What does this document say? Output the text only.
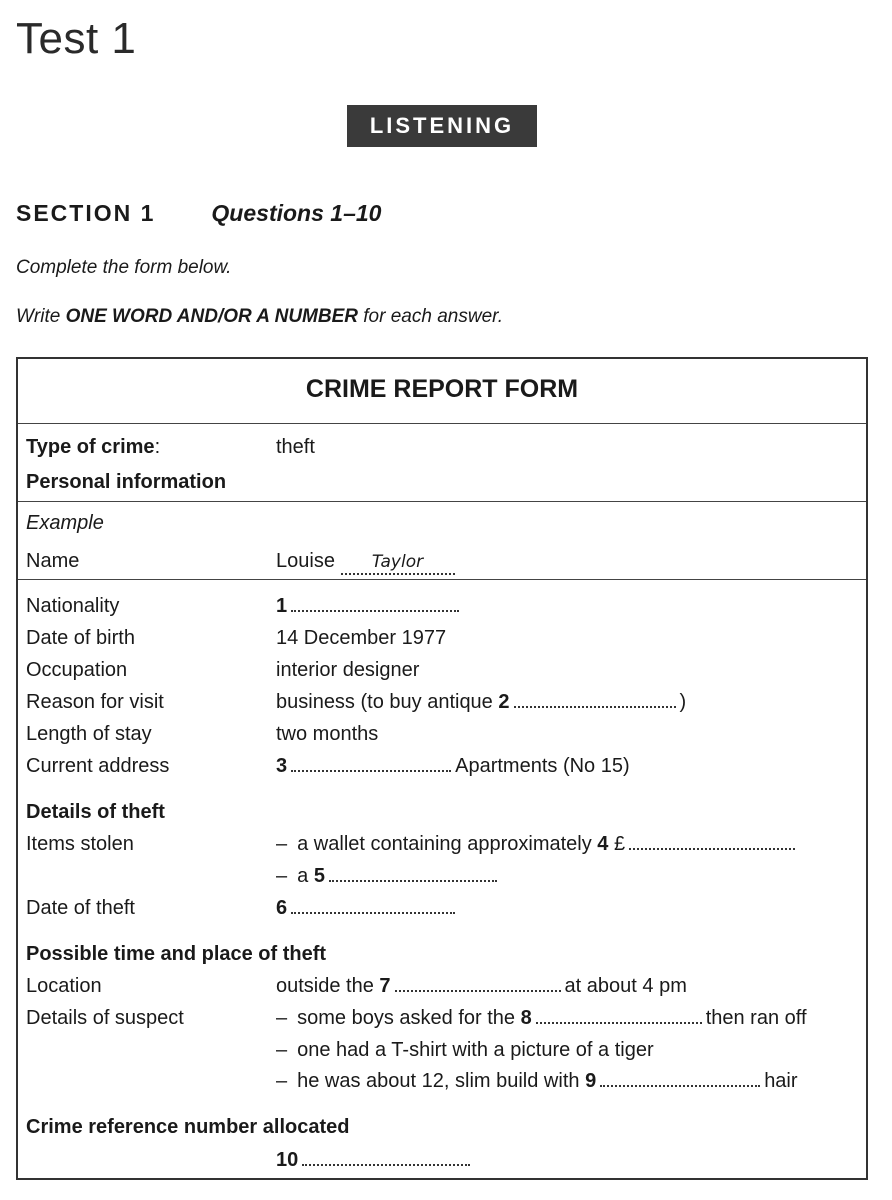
Test 1
LISTENING
SECTION 1 Questions 1–10
Complete the form below.
Write ONE WORD AND/OR A NUMBER for each answer.
CRIME REPORT FORM
Type of crime:	theft
Personal information
Example
Name	Louise Taylor
Nationality	1
Date of birth	14 December 1977
Occupation	interior designer
Reason for visit	business (to buy antique 2	)
Length of stay	two months
Current address	3	Apartments (No 15)
Details of theft
Items stolen	– a wallet containing approximately 4 £
– a 5
Date of theft	6
Possible time and place of theft
Location	outside the 7	at about 4 pm
Details of suspect	– some boys asked for the 8	then ran off
– one had a T-shirt with a picture of a tiger
– he was about 12, slim build with 9	hair
Crime reference number allocated
10
